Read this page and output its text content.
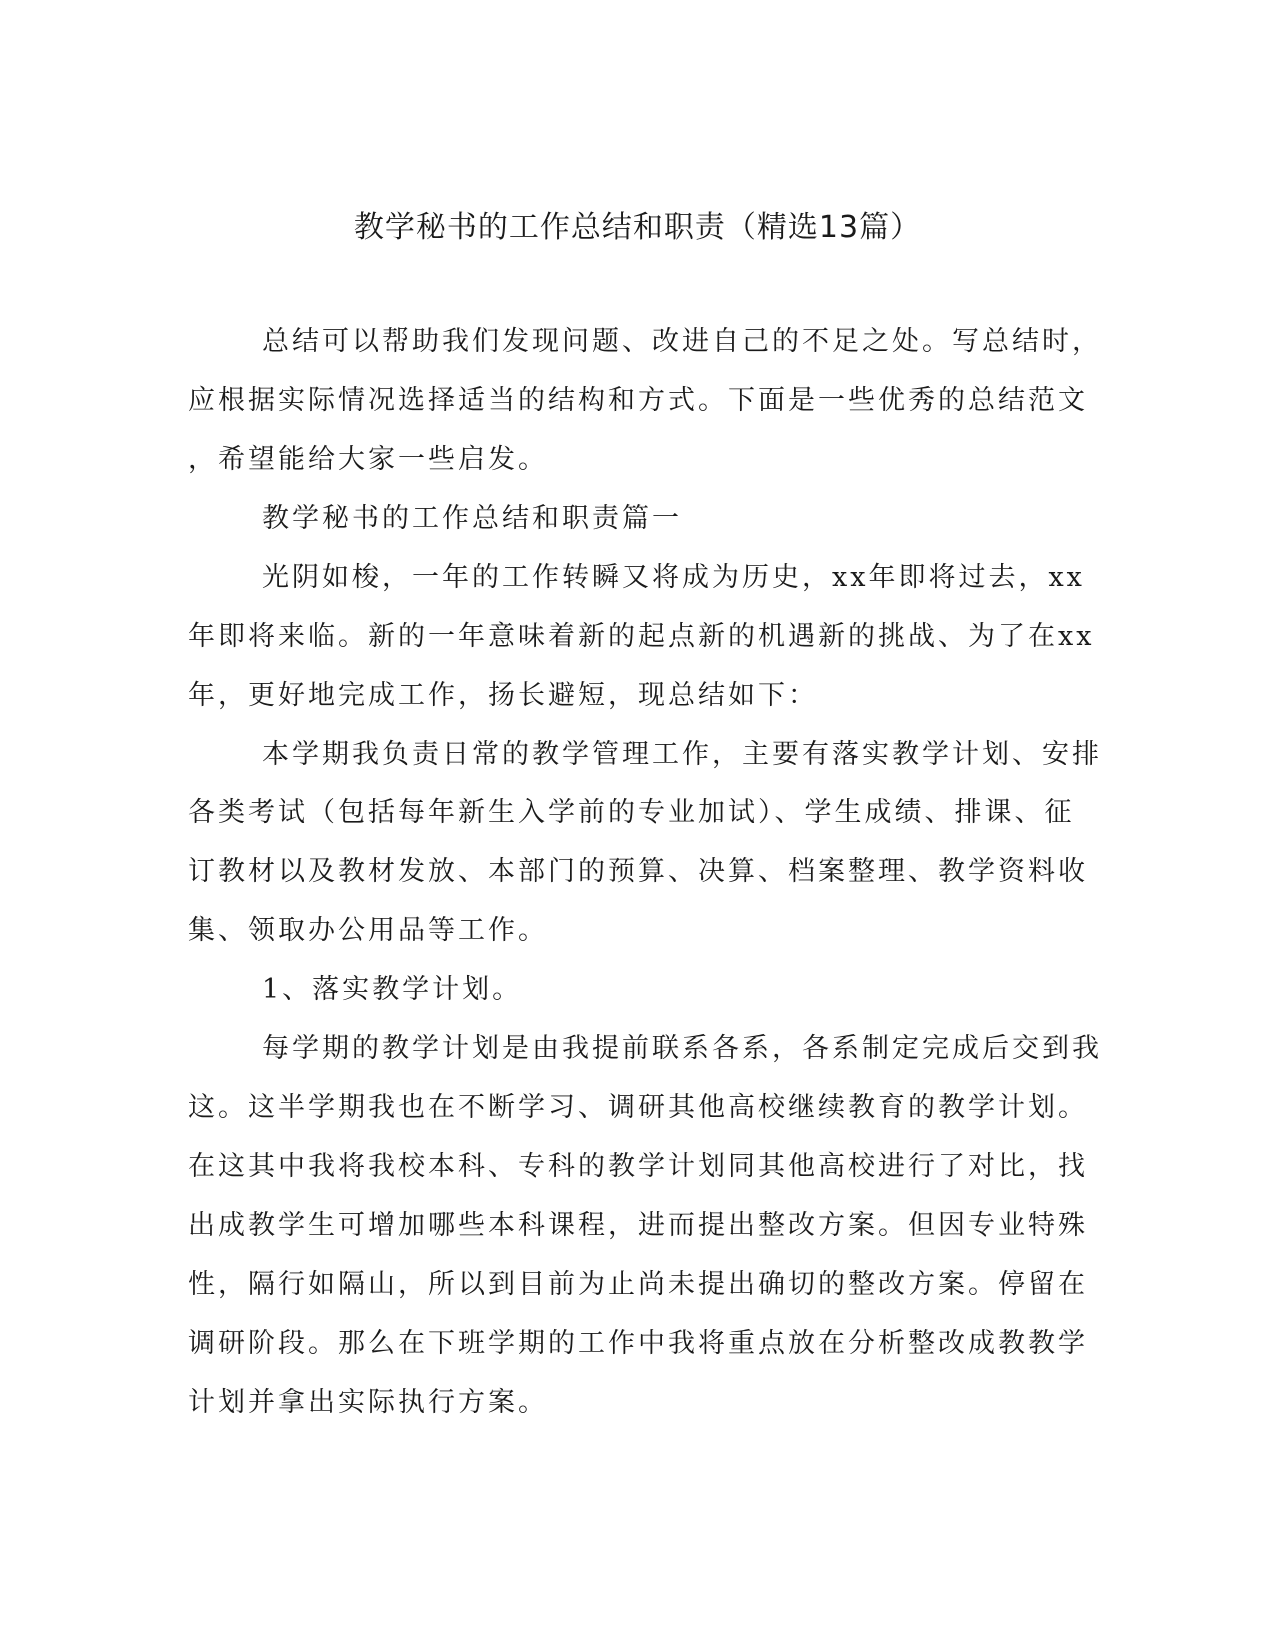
教学秘书的工作总结和职责（精选13篇）
总结可以帮助我们发现问题、改进自己的不足之处。写总结时，
应根据实际情况选择适当的结构和方式。下面是一些优秀的总结范文
，希望能给大家一些启发。
教学秘书的工作总结和职责篇一
光阴如梭，一年的工作转瞬又将成为历史，xx年即将过去，xx
年即将来临。新的一年意味着新的起点新的机遇新的挑战、为了在xx
年，更好地完成工作，扬长避短，现总结如下：
本学期我负责日常的教学管理工作，主要有落实教学计划、安排
各类考试（包括每年新生入学前的专业加试）、学生成绩、排课、征
订教材以及教材发放、本部门的预算、决算、档案整理、教学资料收
集、领取办公用品等工作。
1、落实教学计划。
每学期的教学计划是由我提前联系各系，各系制定完成后交到我
这。这半学期我也在不断学习、调研其他高校继续教育的教学计划。
在这其中我将我校本科、专科的教学计划同其他高校进行了对比，找
出成教学生可增加哪些本科课程，进而提出整改方案。但因专业特殊
性，隔行如隔山，所以到目前为止尚未提出确切的整改方案。停留在
调研阶段。那么在下班学期的工作中我将重点放在分析整改成教教学
计划并拿出实际执行方案。
